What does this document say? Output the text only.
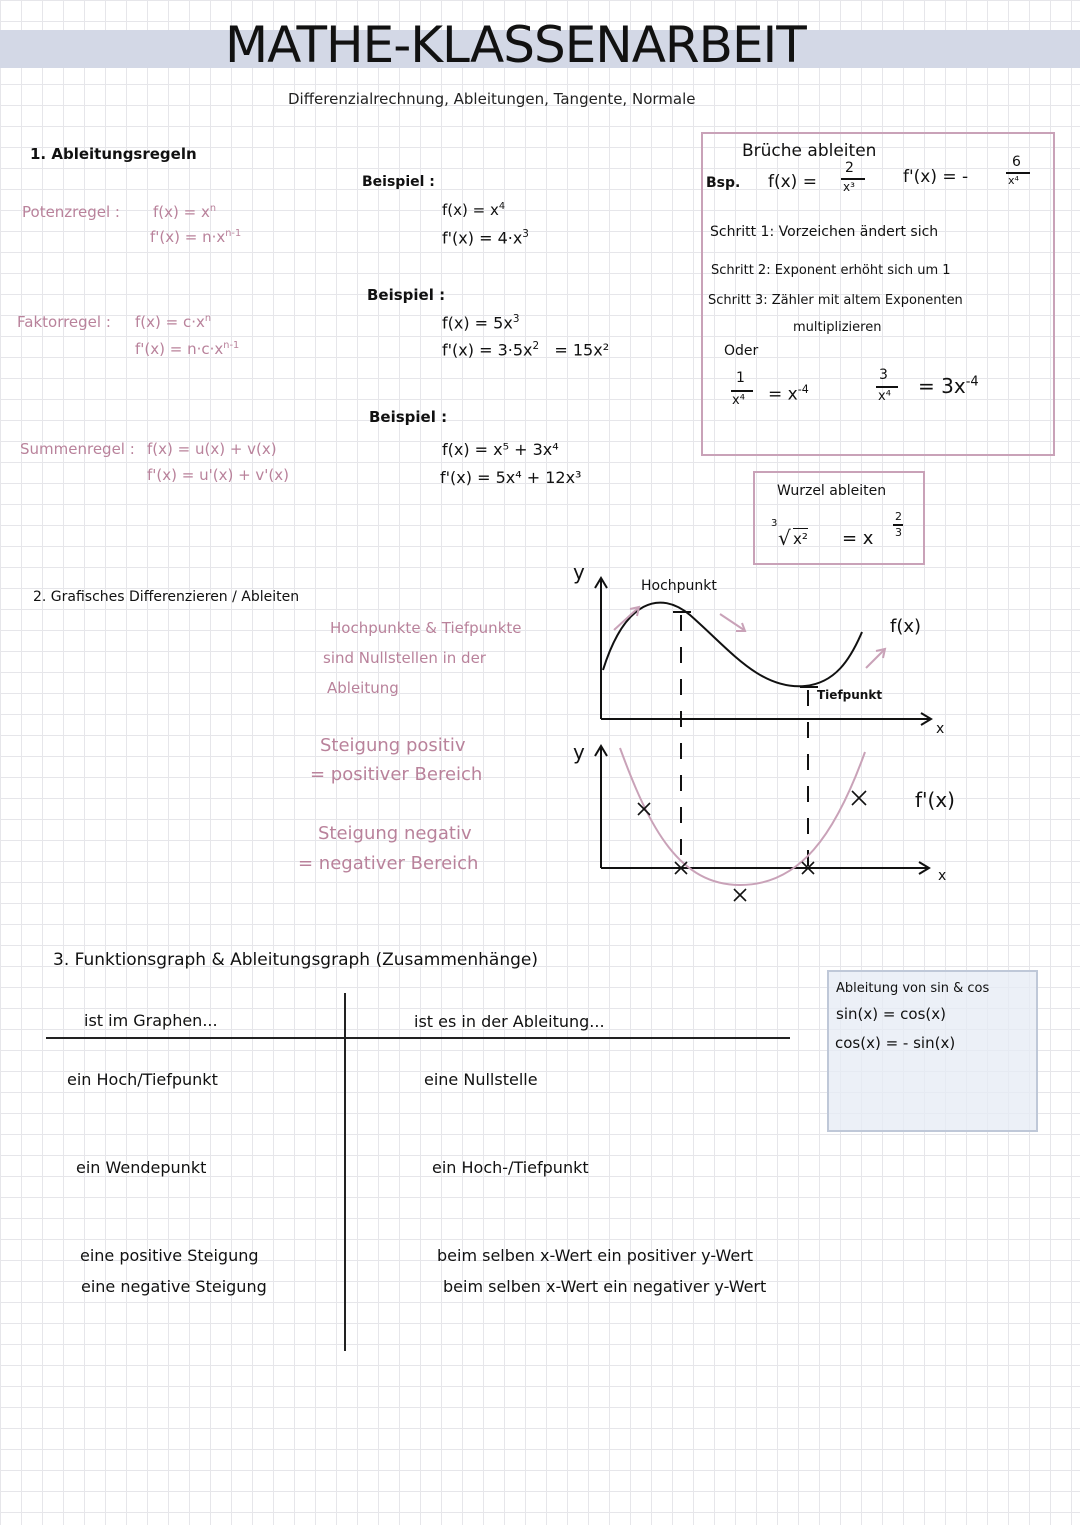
MATHE-KLASSENARBEIT
Differenzialrechnung, Ableitungen, Tangente, Normale
1. Ableitungsregeln
Potenzregel : $f(x) = x^n$
$f'(x) = n\cdot x^{n-1}$
Faktorregel : $f(x) = c\cdot x^n$
$f'(x) = n\cdot c\cdot x^{n-1}$
Summenregel : f(x) = u(x) + v(x)
f'(x) = u'(x) + v'(x)
Beispiel :
$f(x) = x^4$
$f'(x) = 4\cdot x^3$
Beispiel :
$f(x) = 5x^3$
$f'(x) = 3\cdot 5x^2 = 15x^2$
Beispiel :
f(x) = x⁵ + 3x⁴
f'(x) = 5x⁴ + 12x³
Brüche ableiten
Bsp. f(x) =
2
x³	f'(x) = -
6
x⁴
Schritt 1: Vorzeichen ändert sich
Schritt 2: Exponent erhöht sich um 1
Schritt 3: Zähler mit altem Exponenten
multiplizieren
Oder
1
$x^4 = x^{-4}$
3
$x^4 = 3x^{-4}$
Wurzel ableiten
3
√ x² = x
2
3
2. Grafisches Differenzieren / Ableiten
Hochpunkte & Tiefpunkte
sind Nullstellen in der
Ableitung
Steigung positiv
= positiver Bereich
Steigung negativ
= negativer Bereich
y
x
Hochpunkt
Tiefpunkt
f(x)
y
x
f'(x)
3. Funktionsgraph & Ableitungsgraph (Zusammenhänge)
ist im Graphen...	ist es in der Ableitung...
ein Hoch/Tiefpunkt	eine Nullstelle
ein Wendepunkt	ein Hoch-/Tiefpunkt
eine positive Steigung	beim selben x-Wert ein positiver y-Wert
eine negative Steigung	beim selben x-Wert ein negativer y-Wert
Ableitung von sin & cos
sin(x) = cos(x)
cos(x) = - sin(x)
